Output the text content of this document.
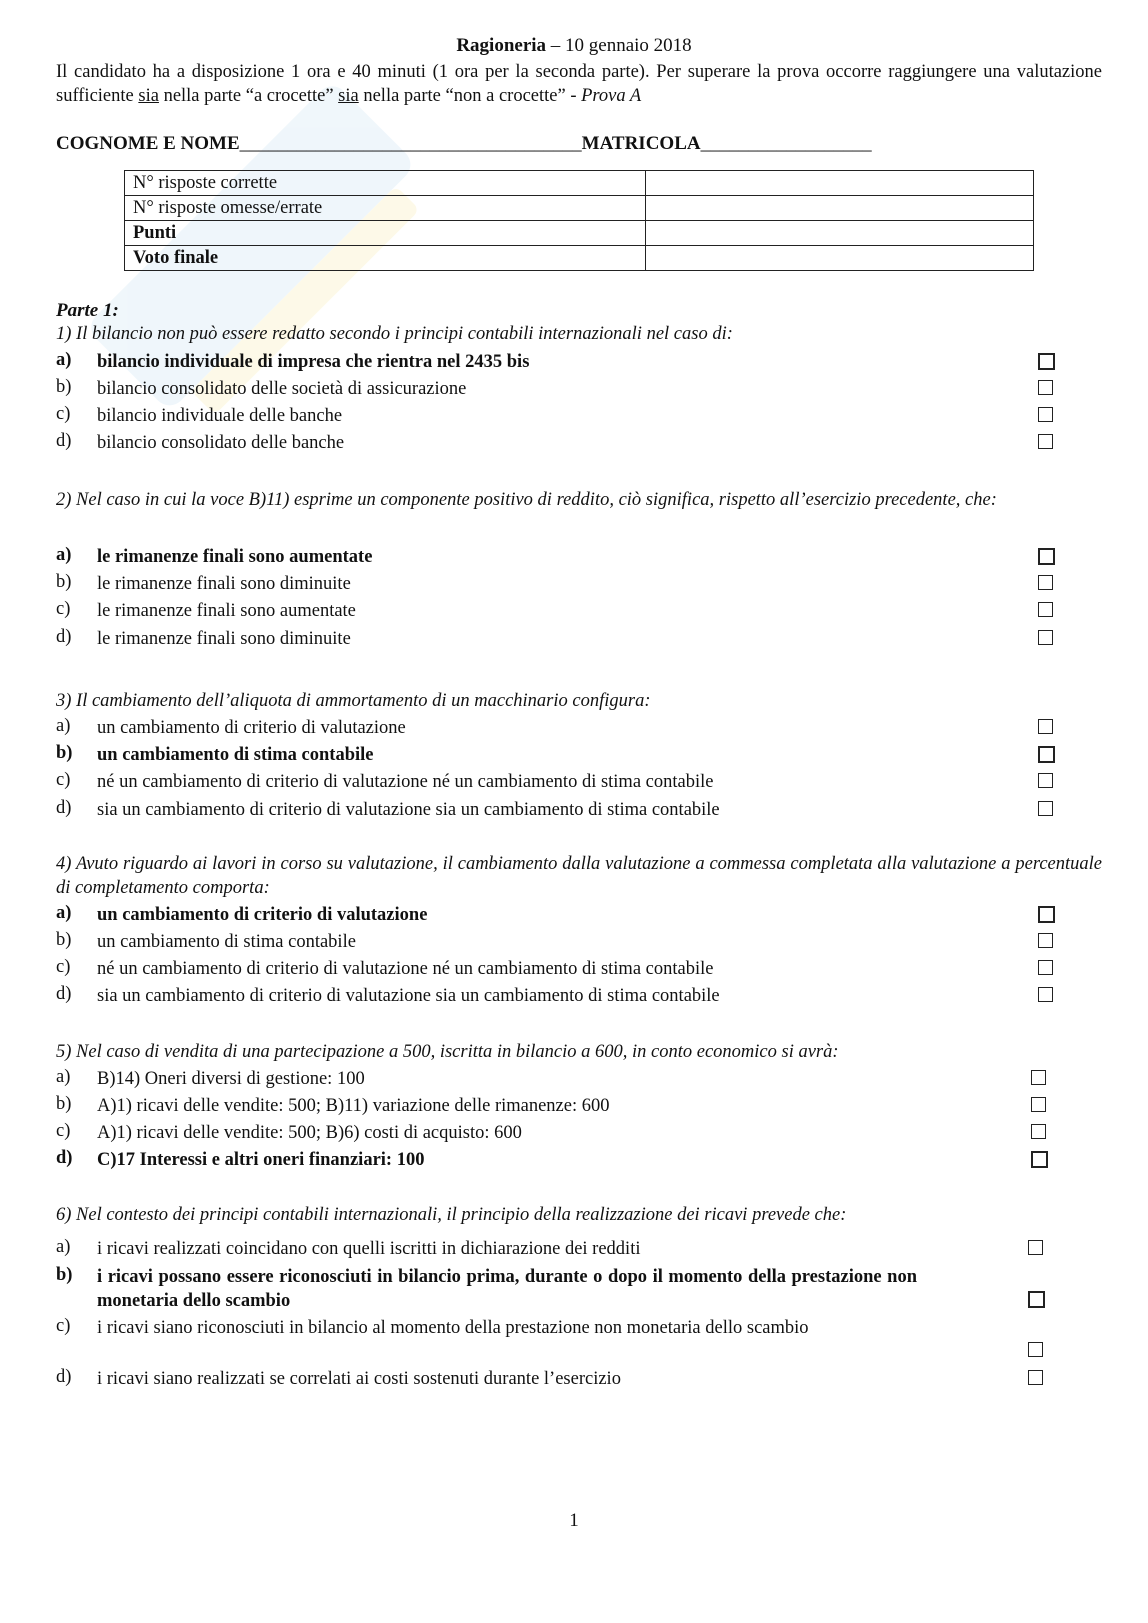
Ragioneria – 10 gennaio 2018
Il candidato ha a disposizione 1 ora e 40 minuti (1 ora per la seconda parte). Per superare la prova occorre raggiungere una valutazione sufficiente sia nella parte “a crocette” sia nella parte “non a crocette” - Prova A
COGNOME E NOME____________________________________MATRICOLA__________________
N° risposte corrette	
N° risposte omesse/errate	
Punti	
Voto finale	
Parte 1:
1) Il bilancio non può essere redatto secondo i principi contabili internazionali nel caso di:
a) bilancio individuale di impresa che rientra nel 2435 bis
b) bilancio consolidato delle società di assicurazione
c) bilancio individuale delle banche
d) bilancio consolidato delle banche
2) Nel caso in cui la voce B)11) esprime un componente positivo di reddito, ciò significa, rispetto all’esercizio precedente, che:
a) le rimanenze finali sono aumentate
b) le rimanenze finali sono diminuite
c) le rimanenze finali sono aumentate
d) le rimanenze finali sono diminuite
3) Il cambiamento dell’aliquota di ammortamento di un macchinario configura:
a) un cambiamento di criterio di valutazione
b) un cambiamento di stima contabile
c) né un cambiamento di criterio di valutazione né un cambiamento di stima contabile
d) sia un cambiamento di criterio di valutazione sia un cambiamento di stima contabile
4) Avuto riguardo ai lavori in corso su valutazione, il cambiamento dalla valutazione a commessa completata alla valutazione a percentuale di completamento comporta:
a) un cambiamento di criterio di valutazione
b) un cambiamento di stima contabile
c) né un cambiamento di criterio di valutazione né un cambiamento di stima contabile
d) sia un cambiamento di criterio di valutazione sia un cambiamento di stima contabile
5) Nel caso di vendita di una partecipazione a 500, iscritta in bilancio a 600, in conto economico si avrà:
a) B)14) Oneri diversi di gestione: 100
b) A)1) ricavi delle vendite: 500; B)11) variazione delle rimanenze: 600
c) A)1) ricavi delle vendite: 500; B)6) costi di acquisto: 600
d) C)17 Interessi e altri oneri finanziari: 100
6) Nel contesto dei principi contabili internazionali, il principio della realizzazione dei ricavi prevede che:
a) i ricavi realizzati coincidano con quelli iscritti in dichiarazione dei redditi
b) i ricavi possano essere riconosciuti in bilancio prima, durante o dopo il momento della prestazione non monetaria dello scambio
c) i ricavi siano riconosciuti in bilancio al momento della prestazione non monetaria dello scambio
d) i ricavi siano realizzati se correlati ai costi sostenuti durante l’esercizio
1
